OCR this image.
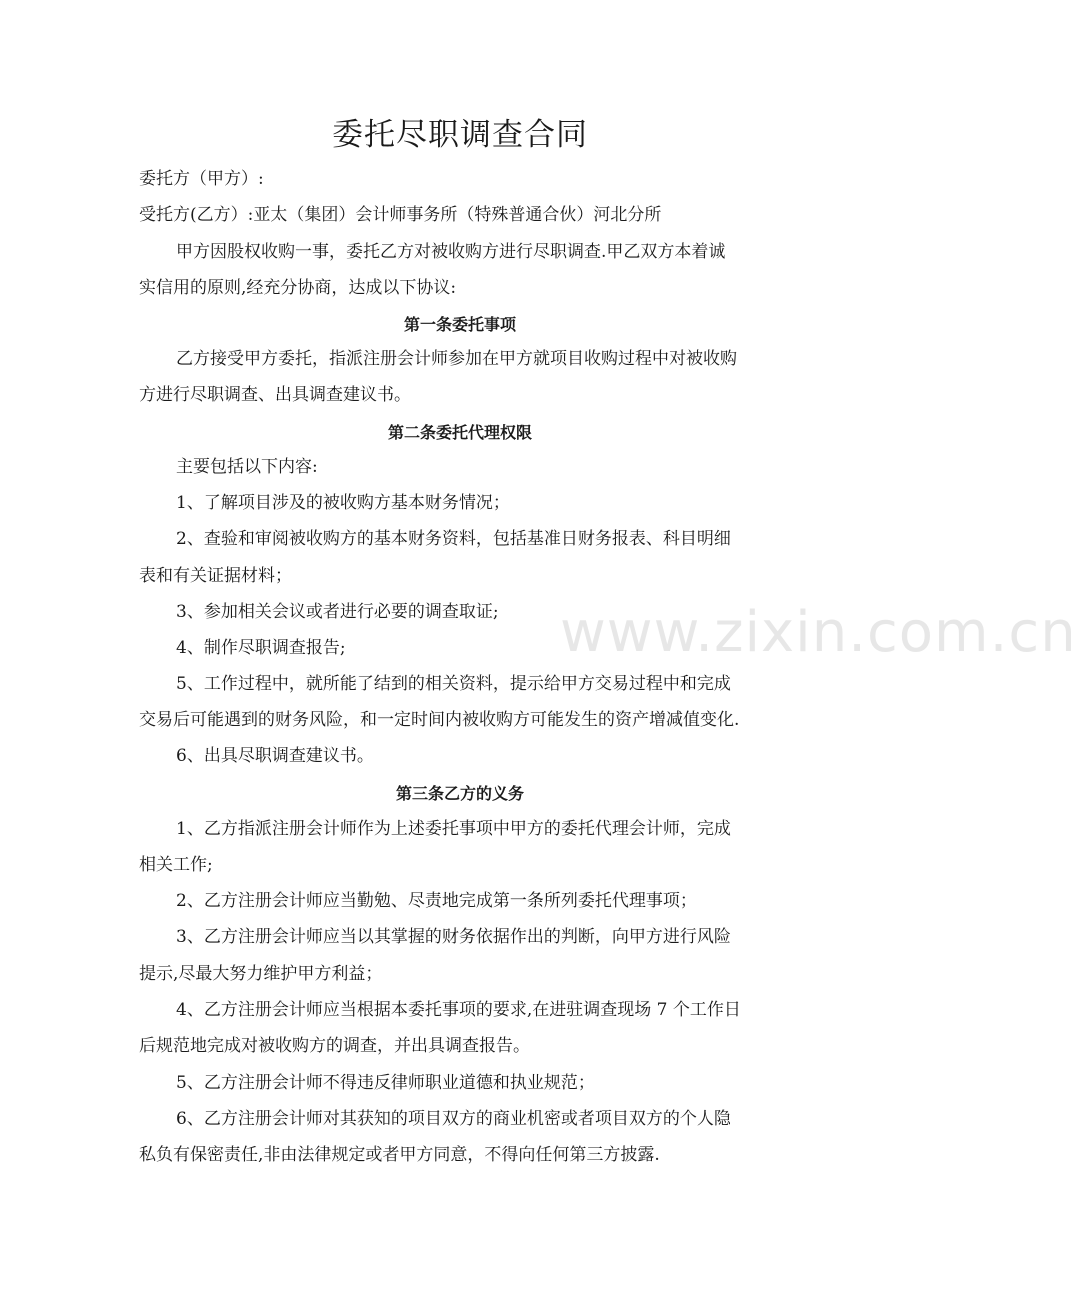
委托尽职调查合同
委托方（甲方）:
受托方(乙方）:亚太（集团）会计师事务所（特殊普通合伙）河北分所
甲方因股权收购一事，委托乙方对被收购方进行尽职调查.甲乙双方本着诚
实信用的原则,经充分协商，达成以下协议:
第一条委托事项
乙方接受甲方委托，指派注册会计师参加在甲方就项目收购过程中对被收购
方进行尽职调查、出具调查建议书。
第二条委托代理权限
主要包括以下内容:
1、了解项目涉及的被收购方基本财务情况；
2、查验和审阅被收购方的基本财务资料，包括基准日财务报表、科目明细
表和有关证据材料；
3、参加相关会议或者进行必要的调查取证;
4、制作尽职调查报告;
5、工作过程中，就所能了结到的相关资料，提示给甲方交易过程中和完成
交易后可能遇到的财务风险，和一定时间内被收购方可能发生的资产增减值变化.
6、出具尽职调查建议书。
第三条乙方的义务
1、乙方指派注册会计师作为上述委托事项中甲方的委托代理会计师，完成
相关工作;
2、乙方注册会计师应当勤勉、尽责地完成第一条所列委托代理事项；
3、乙方注册会计师应当以其掌握的财务依据作出的判断，向甲方进行风险
提示,尽最大努力维护甲方利益；
4、乙方注册会计师应当根据本委托事项的要求,在进驻调查现场 7 个工作日
后规范地完成对被收购方的调查，并出具调查报告。
5、乙方注册会计师不得违反律师职业道德和执业规范；
6、乙方注册会计师对其获知的项目双方的商业机密或者项目双方的个人隐
私负有保密责任,非由法律规定或者甲方同意，不得向任何第三方披露.
www.zixin.com.cn
